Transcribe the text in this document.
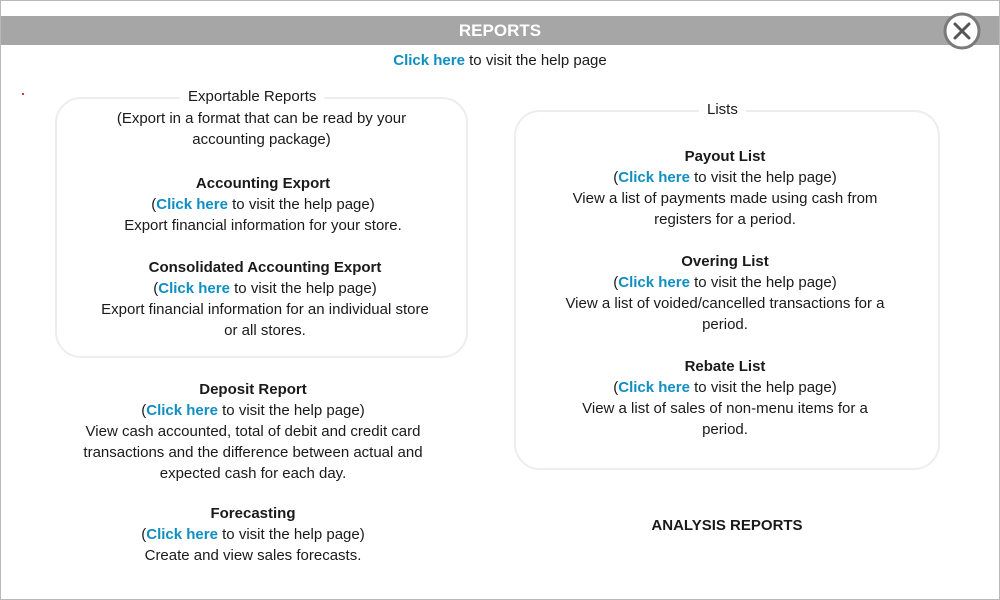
REPORTS
Click here to visit the help page
Exportable Reports
(Export in a format that can be read by your accounting package)
Accounting Export
(Click here to visit the help page)
Export financial information for your store.
Consolidated Accounting Export
(Click here to visit the help page)
Export financial information for an individual store or all stores.
Deposit Report
(Click here to visit the help page)
View cash accounted, total of debit and credit card transactions and the difference between actual and expected cash for each day.
Forecasting
(Click here to visit the help page)
Create and view sales forecasts.
Lists
Payout List
(Click here to visit the help page)
View a list of payments made using cash from registers for a period.
Overing List
(Click here to visit the help page)
View a list of voided/cancelled transactions for a period.
Rebate List
(Click here to visit the help page)
View a list of sales of non-menu items for a period.
ANALYSIS REPORTS
